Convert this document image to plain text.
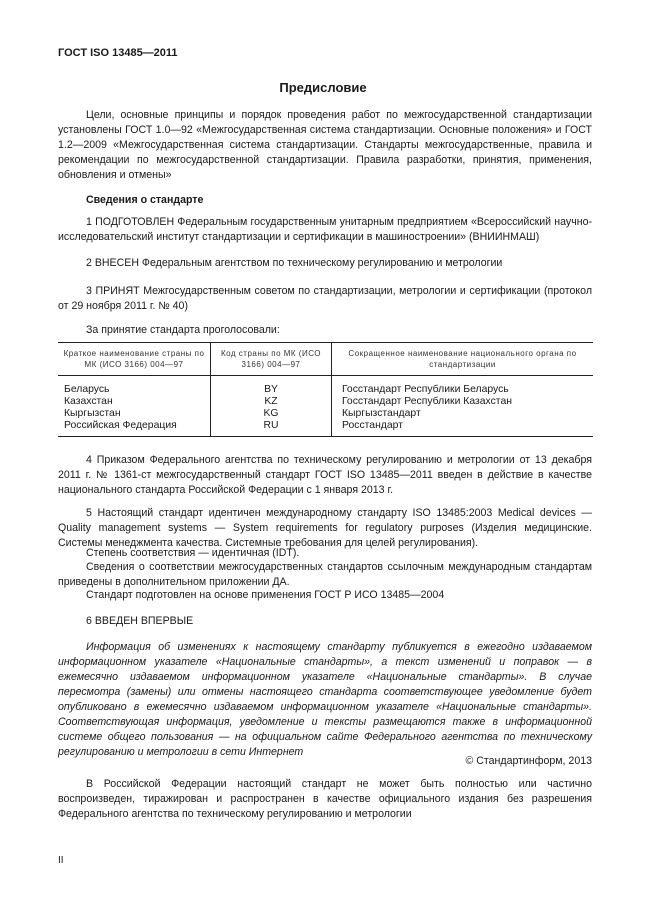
ГОСТ ISO 13485—2011
Предисловие

Цели, основные принципы и порядок проведения работ по межгосударственной стандартизации установлены ГОСТ 1.0—92 «Межгосударственная система стандартизации. Основные положения» и ГОСТ 1.2—2009 «Межгосударственная система стандартизации. Стандарты межгосударственные, правила и рекомендации по межгосударственной стандартизации. Правила разработки, принятия, применения, обновления и отмены»

Сведения о стандарте

1 ПОДГОТОВЛЕН Федеральным государственным унитарным предприятием «Всероссийский научно-исследовательский институт стандартизации и сертификации в машиностроении» (ВНИИНМАШ)

2 ВНЕСЕН Федеральным агентством по техническому регулированию и метрологии

3 ПРИНЯТ Межгосударственным советом по стандартизации, метрологии и сертификации (протокол от 29 ноября 2011 г. № 40)

За принятие стандарта проголосовали:

Краткое наименование страны по МК (ИСО 3166) 004—97	Код страны по МК (ИСО 3166) 004—97	Сокращенное наименование национального органа по стандартизации
Беларусь	BY	Госстандарт Республики Беларусь
Казахстан	KZ	Госстандарт Республики Казахстан
Кыргызстан	KG	Кыргызстандарт
Российская Федерация	RU	Росстандарт

4 Приказом Федерального агентства по техническому регулированию и метрологии от 13 декабря 2011 г. № 1361-ст межгосударственный стандарт ГОСТ ISO 13485—2011 введен в действие в качестве национального стандарта Российской Федерации с 1 января 2013 г.

5 Настоящий стандарт идентичен международному стандарту ISO 13485:2003 Medical devices — Quality management systems — System requirements for regulatory purposes (Изделия медицинские. Системы менеджмента качества. Системные требования для целей регулирования).

Степень соответствия — идентичная (IDT).

Сведения о соответствии межгосударственных стандартов ссылочным международным стандартам приведены в дополнительном приложении ДА.

Стандарт подготовлен на основе применения ГОСТ Р ИСО 13485—2004

6 ВВЕДЕН ВПЕРВЫЕ

Информация об изменениях к настоящему стандарту публикуется в ежегодно издаваемом информационном указателе «Национальные стандарты», а текст изменений и поправок — в ежемесячно издаваемом информационном указателе «Национальные стандарты». В случае пересмотра (замены) или отмены настоящего стандарта соответствующее уведомление будет опубликовано в ежемесячно издаваемом информационном указателе «Национальные стандарты». Соответствующая информация, уведомление и тексты размещаются также в информационной системе общего пользования — на официальном сайте Федерального агентства по техническому регулированию и метрологии в сети Интернет

© Стандартинформ, 2013

В Российской Федерации настоящий стандарт не может быть полностью или частично воспроизведен, тиражирован и распространен в качестве официального издания без разрешения Федерального агентства по техническому регулированию и метрологии

II
